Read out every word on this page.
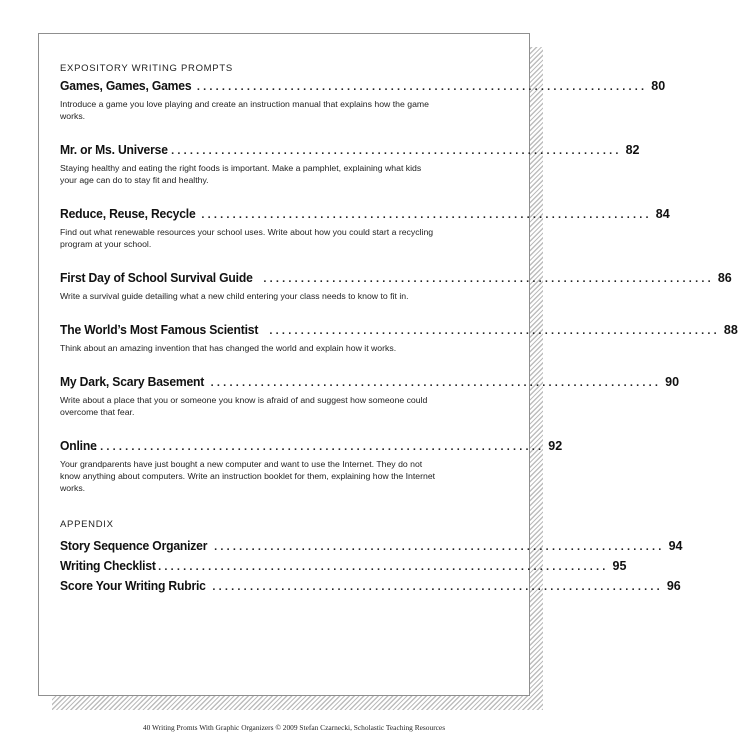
EXPOSITORY WRITING PROMPTS
Games, Games, Games ........................................................................ 80
Introduce a game you love playing and create an instruction manual that explains how the game works.
Mr. or Ms. Universe ........................................................................ 82
Staying healthy and eating the right foods is important. Make a pamphlet, explaining what kids your age can do to stay fit and healthy.
Reduce, Reuse, Recycle ........................................................................ 84
Find out what renewable resources your school uses. Write about how you could start a recycling program at your school.
First Day of School Survival Guide ........................................................................ 86
Write a survival guide detailing what a new child entering your class needs to know to fit in.
The World’s Most Famous Scientist ........................................................................ 88
Think about an amazing invention that has changed the world and explain how it works.
My Dark, Scary Basement ........................................................................ 90
Write about a place that you or someone you know is afraid of and suggest how someone could overcome that fear.
Online
........................................................................ 92
Your grandparents have just bought a new computer and want to use the Internet. They do not know anything about computers. Write an instruction booklet for them, explaining how the Internet works.
APPENDIX
Story Sequence Organizer ........................................................................ 94
Writing Checklist ........................................................................ 95
Score Your Writing Rubric ........................................................................ 96
40 Writing Promts With Graphic Organizers © 2009 Stefan Czarnecki, Scholastic Teaching Resources
